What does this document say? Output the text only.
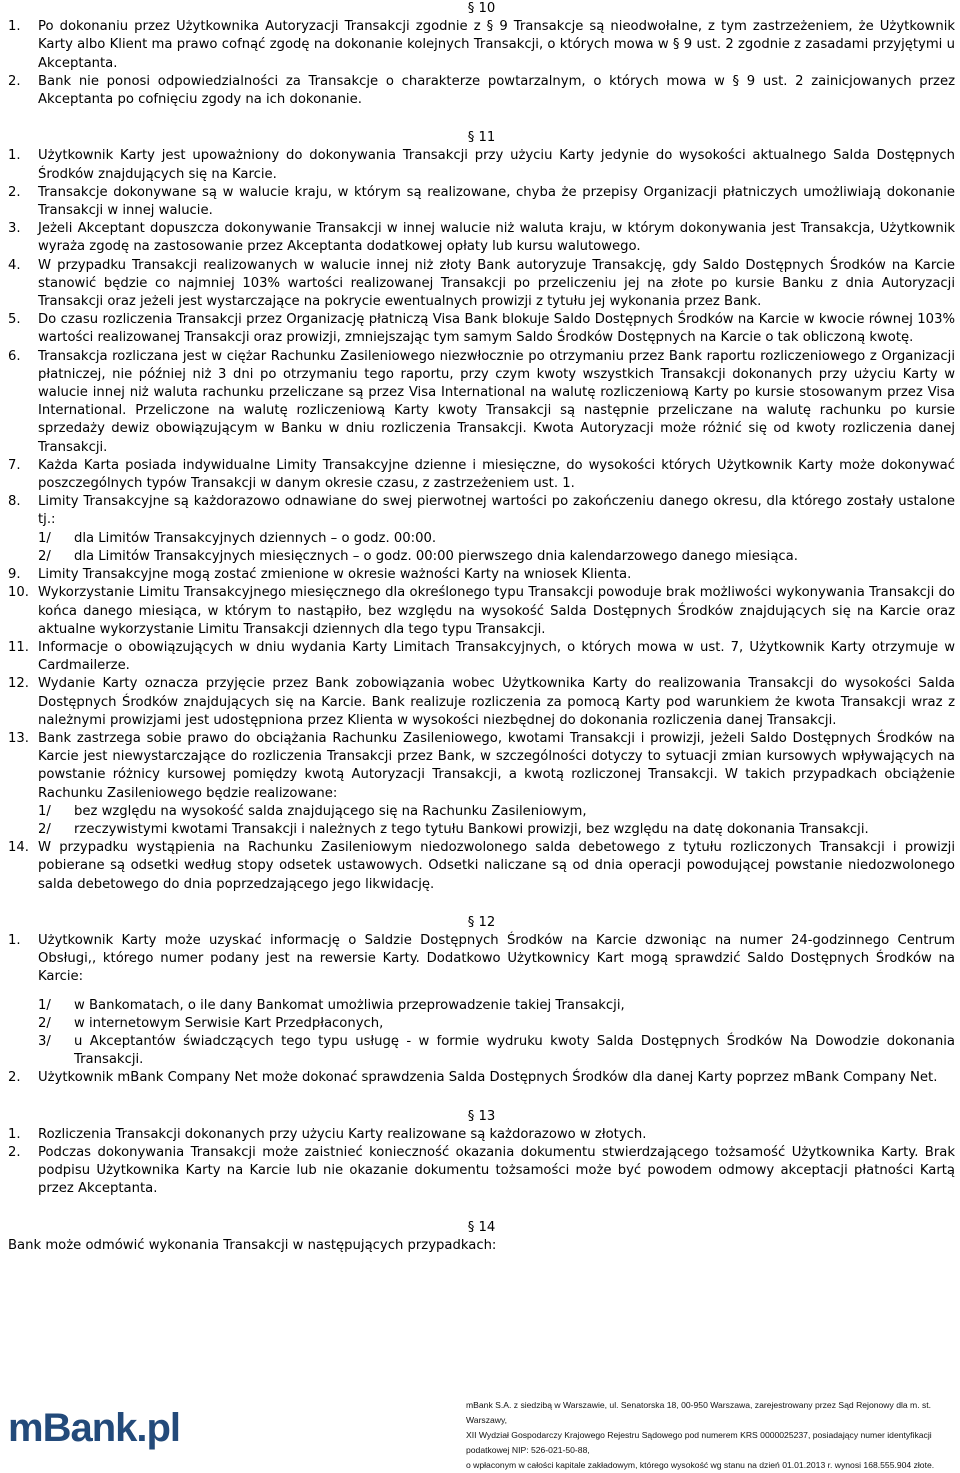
§ 10

1.	Po dokonaniu przez Użytkownika Autoryzacji Transakcji zgodnie z § 9 Transakcje są nieodwołalne, z tym zastrzeżeniem, że Użytkownik Karty albo Klient ma prawo cofnąć zgodę na dokonanie kolejnych Transakcji, o których mowa w § 9 ust. 2 zgodnie z zasadami przyjętymi u Akceptanta.
2.	Bank nie ponosi odpowiedzialności za Transakcje o charakterze powtarzalnym, o których mowa w § 9 ust. 2 zainicjowanych przez Akceptanta po cofnięciu zgody na ich dokonanie.

§ 11

1.	Użytkownik Karty jest upoważniony do dokonywania Transakcji przy użyciu Karty jedynie do wysokości aktualnego Salda Dostępnych Środków znajdujących się na Karcie.
2.	Transakcje dokonywane są w walucie kraju, w którym są realizowane, chyba że przepisy Organizacji płatniczych umożliwiają dokonanie Transakcji w innej walucie.
3.	Jeżeli Akceptant dopuszcza dokonywanie Transakcji w innej walucie niż waluta kraju, w którym dokonywania jest Transakcja, Użytkownik wyraża zgodę na zastosowanie przez Akceptanta dodatkowej opłaty lub kursu walutowego.
4.	W przypadku Transakcji realizowanych w walucie innej niż złoty Bank autoryzuje Transakcję, gdy Saldo Dostępnych Środków na Karcie stanowić będzie co najmniej 103% wartości realizowanej Transakcji po przeliczeniu jej na złote po kursie Banku z dnia Autoryzacji Transakcji oraz jeżeli jest wystarczające na pokrycie ewentualnych prowizji z tytułu jej wykonania przez Bank.
5.	Do czasu rozliczenia Transakcji przez Organizację płatniczą Visa Bank blokuje Saldo Dostępnych Środków na Karcie w kwocie równej 103% wartości realizowanej Transakcji oraz prowizji, zmniejszając tym samym Saldo Środków Dostępnych na Karcie o tak obliczoną kwotę.
6.	Transakcja rozliczana jest w ciężar Rachunku Zasileniowego niezwłocznie po otrzymaniu przez Bank raportu rozliczeniowego z Organizacji płatniczej, nie później niż 3 dni po otrzymaniu tego raportu, przy czym kwoty wszystkich Transakcji dokonanych przy użyciu Karty w walucie innej niż waluta rachunku przeliczane są przez Visa International na walutę rozliczeniową Karty po kursie stosowanym przez Visa International. Przeliczone na walutę rozliczeniową Karty kwoty Transakcji są następnie przeliczane na walutę rachunku po kursie sprzedaży dewiz obowiązującym w Banku w dniu rozliczenia Transakcji. Kwota Autoryzacji może różnić się od kwoty rozliczenia danej Transakcji.
7.	Każda Karta posiada indywidualne Limity Transakcyjne dzienne i miesięczne, do wysokości których Użytkownik Karty może dokonywać poszczególnych typów Transakcji w danym okresie czasu, z zastrzeżeniem ust. 1.
8.	Limity Transakcyjne są każdorazowo odnawiane do swej pierwotnej wartości po zakończeniu danego okresu, dla którego zostały ustalone tj.:
1/	dla Limitów Transakcyjnych dziennych – o godz. 00:00.
2/	dla Limitów Transakcyjnych miesięcznych – o godz. 00:00 pierwszego dnia kalendarzowego danego miesiąca.
9.	Limity Transakcyjne mogą zostać zmienione w okresie ważności Karty na wniosek Klienta.
10. Wykorzystanie Limitu Transakcyjnego miesięcznego dla określonego typu Transakcji powoduje brak możliwości wykonywania Transakcji do końca danego miesiąca, w którym to nastąpiło, bez względu na wysokość Salda Dostępnych Środków znajdujących się na Karcie oraz aktualne wykorzystanie Limitu Transakcji dziennych dla tego typu Transakcji.
11. Informacje o obowiązujących w dniu wydania Karty Limitach Transakcyjnych, o których mowa w ust. 7, Użytkownik Karty otrzymuje w Cardmailerze.
12. Wydanie Karty oznacza przyjęcie przez Bank zobowiązania wobec Użytkownika Karty do realizowania Transakcji do wysokości Salda Dostępnych Środków znajdujących się na Karcie. Bank realizuje rozliczenia za pomocą Karty pod warunkiem że kwota Transakcji wraz z należnymi prowizjami jest udostępniona przez Klienta w wysokości niezbędnej do dokonania rozliczenia danej Transakcji.
13. Bank zastrzega sobie prawo do obciążania Rachunku Zasileniowego, kwotami Transakcji i prowizji, jeżeli Saldo Dostępnych Środków na Karcie jest niewystarczające do rozliczenia Transakcji przez Bank, w szczególności dotyczy to sytuacji zmian kursowych wpływających na powstanie różnicy kursowej pomiędzy kwotą Autoryzacji Transakcji, a kwotą rozliczonej Transakcji. W takich przypadkach obciążenie Rachunku Zasileniowego będzie realizowane:
1/	bez względu na wysokość salda znajdującego się na Rachunku Zasileniowym,
2/	rzeczywistymi kwotami Transakcji i należnych z tego tytułu Bankowi prowizji, bez względu na datę dokonania Transakcji.
14. W przypadku wystąpienia na Rachunku Zasileniowym niedozwolonego salda debetowego z tytułu rozliczonych Transakcji i prowizji pobierane są odsetki według stopy odsetek ustawowych. Odsetki naliczane są od dnia operacji powodującej powstanie niedozwolonego salda debetowego do dnia poprzedzającego jego likwidację.

§ 12

1.	Użytkownik Karty może uzyskać informację o Saldzie Dostępnych Środków na Karcie dzwoniąc na numer 24-godzinnego Centrum Obsługi,, którego numer podany jest na rewersie Karty. Dodatkowo Użytkownicy Kart mogą sprawdzić Saldo Dostępnych Środków na Karcie:
1/	w Bankomatach, o ile dany Bankomat umożliwia przeprowadzenie takiej Transakcji,
2/	w internetowym Serwisie Kart Przedpłaconych,
3/	u Akceptantów świadczących tego typu usługę - w formie wydruku kwoty Salda Dostępnych Środków Na Dowodzie dokonania Transakcji.
2.	Użytkownik mBank Company Net może dokonać sprawdzenia Salda Dostępnych Środków dla danej Karty poprzez mBank Company Net.

§ 13

1.	Rozliczenia Transakcji dokonanych przy użyciu Karty realizowane są każdorazowo w złotych.
2.	Podczas dokonywania Transakcji może zaistnieć konieczność okazania dokumentu stwierdzającego tożsamość Użytkownika Karty. Brak podpisu Użytkownika Karty na Karcie lub nie okazanie dokumentu tożsamości może być powodem odmowy akceptacji płatności Kartą przez Akceptanta.

§ 14

Bank może odmówić wykonania Transakcji w następujących przypadkach:

mBank.pl
mBank S.A. z siedzibą w Warszawie, ul. Senatorska 18, 00-950 Warszawa, zarejestrowany przez Sąd Rejonowy dla m. st. Warszawy,
XII Wydział Gospodarczy Krajowego Rejestru Sądowego pod numerem KRS 0000025237, posiadający numer identyfikacji podatkowej NIP: 526-021-50-88,
o wpłaconym w całości kapitale zakładowym, którego wysokość wg stanu na dzień 01.01.2013 r. wynosi 168.555.904 złote.
